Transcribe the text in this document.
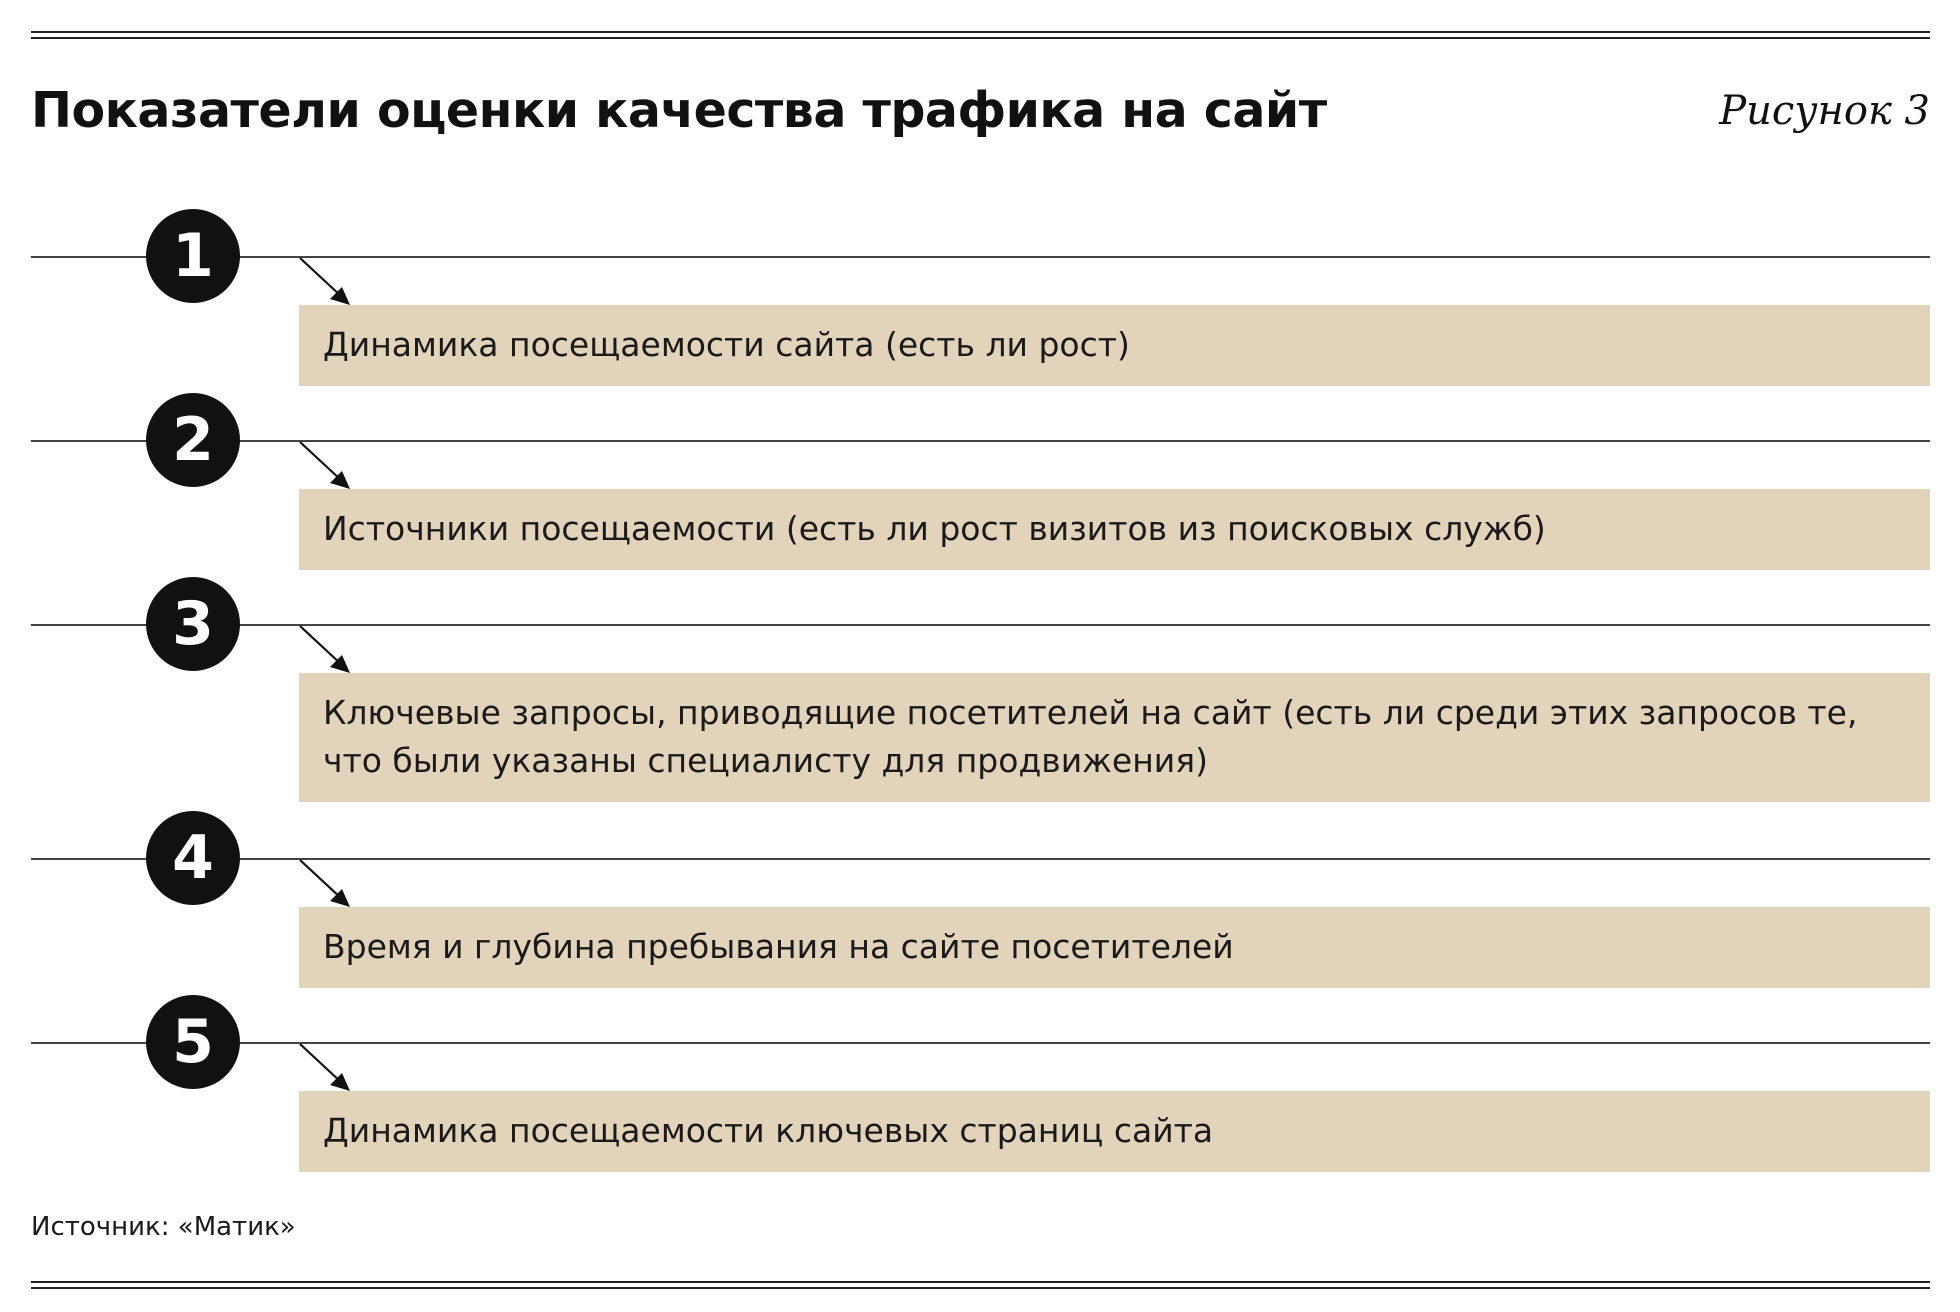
Показатели оценки качества трафика на сайт	Рисунок 3
1
Динамика посещаемости сайта (есть ли рост)
2
Источники посещаемости (есть ли рост визитов из поисковых служб)
3
Ключевые запросы, приводящие посетителей на сайт (есть ли среди этих запросов те, что были указаны специалисту для продвижения)
4
Время и глубина пребывания на сайте посетителей
5
Динамика посещаемости ключевых страниц сайта
Источник: «Матик»
